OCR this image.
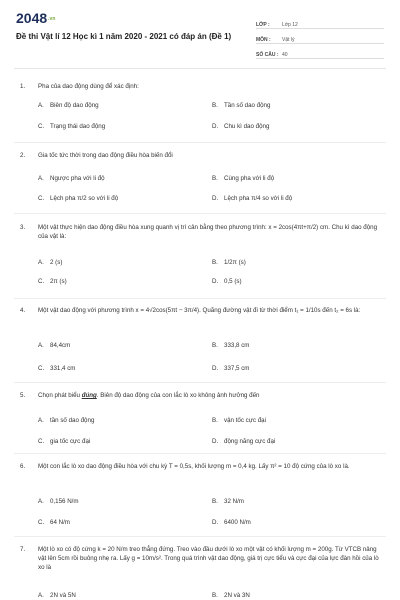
2048.vn
Đề thi Vật lí 12 Học kì 1 năm 2020 - 2021 có đáp án (Đề 1)
LỚP :	Lớp 12
MÔN :	Vật lý
SỐ CÂU : 40
1. Pha của dao động dùng để xác định:
A. Biên độ dao động	B. Tần số dao động
C. Trạng thái dao động	D. Chu kì dao động
2. Gia tốc tức thời trong dao động điều hòa biến đổi
A. Ngược pha với li độ	B. Cùng pha với li độ
C. Lệch pha π/2 so với li độ	D. Lệch pha π/4 so với li độ
3. Một vật thực hiện dao động điều hòa xung quanh vị trí cân bằng theo phương trình: x = 2cos(4πt+π/2) cm. Chu kì dao động của vật là:
A. 2 (s)	B. 1/2π (s)
C. 2π (s)	D. 0,5 (s)
4. Một vật dao động với phương trình x = 4√2cos(5πt − 3π/4). Quãng đường vật đi từ thời điểm t₁ = 1/10s đến t₂ = 6s là:
A. 84,4cm	B. 333,8 cm
C. 331,4 cm	D. 337,5 cm
5. Chọn phát biểu đúng. Biên độ dao động của con lắc lò xo không ảnh hưởng đến
A. tần số dao động	B. vận tốc cực đại
C. gia tốc cực đại	D. động năng cực đại
6. Một con lắc lò xo dao động điều hòa với chu kỳ T = 0,5s, khối lượng m = 0,4 kg. Lấy π² = 10 độ cứng của lò xo là.
A. 0,156 N/m	B. 32 N/m
C. 64 N/m	D. 6400 N/m
7. Một lò xo có độ cứng k = 20 N/m treo thẳng đứng. Treo vào đầu dưới lò xo một vật có khối lượng m = 200g. Từ VTCB nâng vật lên 5cm rồi buông nhẹ ra. Lấy g = 10m/s². Trong quá trình vật dao động, giá trị cực tiểu và cực đại của lực đàn hồi của lò xo là
A. 2N và 5N	B. 2N và 3N
